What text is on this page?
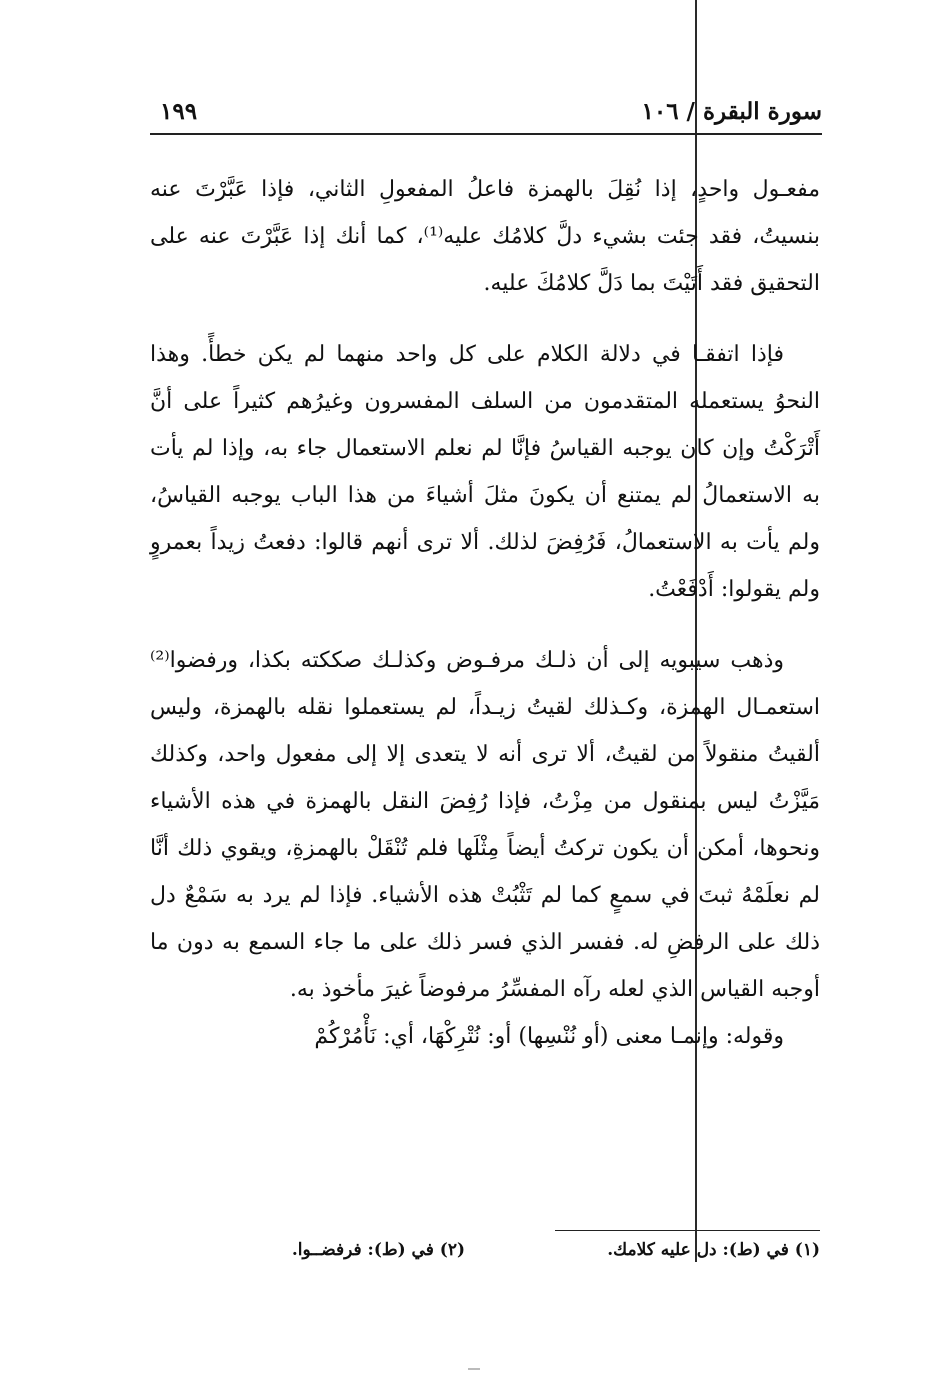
سورة البقرة / ١٠٦
١٩٩

مفعـول واحدٍ، إذا نُقِلَ بالهمزة فاعلُ المفعولِ الثاني، فإذا عَبَّرْتَ عنه بنسيتُ، فقد جئت بشيء دلَّ كلامُك عليه⁽¹⁾، كما أنك إذا عَبَّرْتَ عنه على التحقيق فقد أَتَيْتَ بما دَلَّ كلامُكَ عليه.

فإذا اتفقـا في دلالة الكلام على كل واحد منهما لم يكن خطأً. وهذا النحوُ يستعمله المتقدمون من السلف المفسرون وغيرُهم كثيراً على أنَّ أَتْرَكْتُ وإن كان يوجبه القياسُ فإنَّا لم نعلم الاستعمال جاء به، وإذا لم يأت به الاستعمالُ لم يمتنع أن يكونَ مثلَ أشياءَ من هذا الباب يوجبه القياسُ، ولم يأت به الاستعمالُ، فَرُفِضَ لذلك. ألا ترى أنهم قالوا: دفعتُ زيداً بعمروٍ ولم يقولوا: أَدْفَعْتُ.

وذهب سيبويه إلى أن ذلـك مرفـوض وكذلـك صككته بكذا، ورفضوا⁽²⁾ استعمـال الهمزة، وكـذلك لقيتُ زيـداً، لم يستعملوا نقله بالهمزة، وليس ألقيتُ منقولاً من لقيتُ، ألا ترى أنه لا يتعدى إلا إلى مفعول واحد، وكذلك مَيَّزْتُ ليس بمنقول من مِزْتُ، فإذا رُفِضَ النقل بالهمزة في هذه الأشياء ونحوها، أمكن أن يكون تركتُ أيضاً مِثْلَها فلم تُنْقَلْ بالهمزةِ، ويقوي ذلك أنَّا لم نعلَمْهُ ثبتَ في سمعٍ كما لم تَثْبُتْ هذه الأشياء. فإذا لم يرد به سَمْعٌ دل ذلك على الرفضِ له. ففسر الذي فسر ذلك على ما جاء السمع به دون ما أوجبه القياس الذي لعله رآه المفسِّرُ مرفوضاً غيرَ مأخوذ به.

وقوله: وإنمـا معنى (أو نُنْسِها) أو: نُتْرِكْهَا، أي: نَأْمُرْكُمْ

(١) في (ط): دل عليه كلامك.
(٢) في (ط): فرفضــوا.
